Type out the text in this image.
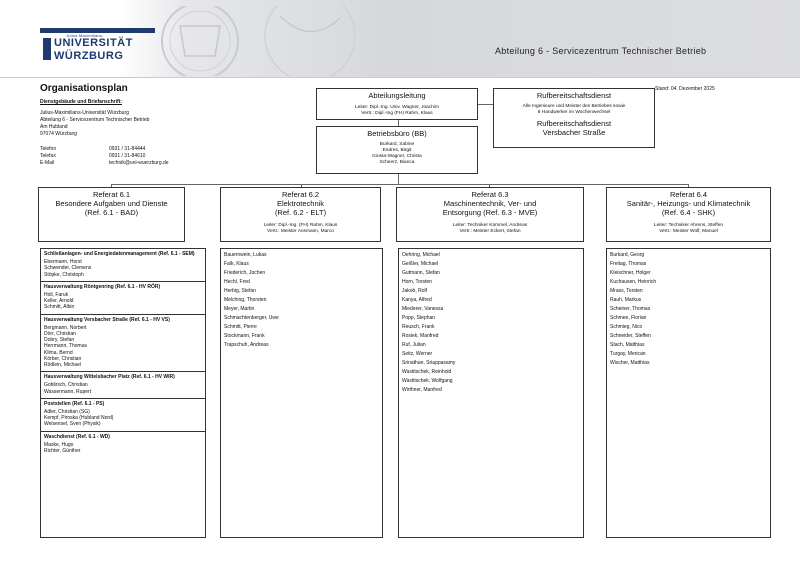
Julius-Maximilians-
UNIVERSITÄT
WÜRZBURG	Abteilung 6 - Servicezentrum Technischer Betrieb
Organisationsplan	Stand: 04. Dezember 2025
Dienstgebäude und Briefanschrift:
Julius-Maximilians-Universität Würzburg
Abteilung 6 - Servicezentrum Technischer Betrieb
Am Hubland
97074 Würzburg
Telefon	0931 / 31-84444
Telefax	0931 / 31-84610
E-Mail	technik@uni-wuerzburg.de
Abteilungsleitung
Leiter: Dipl.-Ing. Univ. Wagner, Joachim
Vertr.: Dipl.-Ing (FH) Rahm, Klaus
Betriebsbüro (BB)
Burkard, Sabine
Endres, Birgit
Giosta-Wagner, Christa
Scheerz, Bianca
Rufbereitschaftsdienst
Alle Ingenieure und Meister des Betriebes sowie
8 Handwerker im Wochenwechsel
Rufbereitschaftsdienst
Versbacher Straße
Referat 6.1
Besondere Aufgaben und Dienste
(Ref. 6.1 - BAD)
Referat 6.2
Elektrotechnik
(Ref. 6.2 - ELT)
Leiter: Dipl.-Ing. (FH) Rahm, Klaus
Vertr.: Meister Ansmann, Marco
Referat 6.3
Maschinentechnik, Ver- und
Entsorgung (Ref. 6.3 - MVE)
Leiter: Techniker Kümmel, Andreas
Vertr.: Meister Eckert, Stefan
Referat 6.4
Sanitär-, Heizungs- und Klimatechnik
(Ref. 6.4 - SHK)
Leiter: Techniker Ahrens, Steffen
Vertr.: Meister Wolf, Manuel
Schließanlagen- und Energiedatenmanagement (Ref. 6.1 - SEM)
Ebermann, Horst
Schwender, Clemens
Stöpke, Christoph
Hausverwaltung Röntgenring (Ref. 6.1 - HV RÖR)
Holl, Faruk
Keller, Arnold
Schmitt, Albin
Hausverwaltung Versbacher Straße (Ref. 6.1 - HV VS)
Bergmann, Norbert
Dörr, Christian
Dobry, Stefan
Herrmann, Thomas
Klima, Bernd
Körber, Christian
Rödlein, Michael
Hausverwaltung Wittelsbacher Platz (Ref. 6.1 - HV WIR)
Goblirsch, Christian
Wassermann, Rupert
Poststellen (Ref. 6.1 - PS)
Adler, Christian (SG)
Kempf, Piroska (Hubland Nord)
Weisensel, Sven (Physik)
Waschdienst (Ref. 6.1 - WD)
Maske, Hugo
Richter, Günther
Bauernwein, Lukas
Falk, Klaus
Friederich, Jochen
Hechl, Fred
Herbig, Stefan
Melching, Thorsten
Meyer, Martin
Schmachtenberger, Uwe
Schmitt, Pierre
Stockmann, Frank
Trapschuh, Andreas
Oehring, Michael
Geißler, Michael
Gutmann, Stefan
Horn, Torsten
Jakob, Rolf
Kanya, Alfred
Miederer, Vanessa
Popp, Stephan
Reusch, Frank
Rosiek, Manfred
Ruf, Julian
Seitz, Werner
Srinathan, Sriappasamy
Wastitschek, Reinhold
Wastitschek, Wolfgang
Wirthner, Manfred
Burkard, Georg
Freitag, Thomas
Kleischner, Holger
Kuchausen, Heinrich
Mrass, Torsten
Rauh, Markus
Scheiner, Thomas
Schmee, Florian
Schmieg, Nico
Schneider, Steffen
Stach, Matthias
Turgay, Merican
Wischer, Matthias
